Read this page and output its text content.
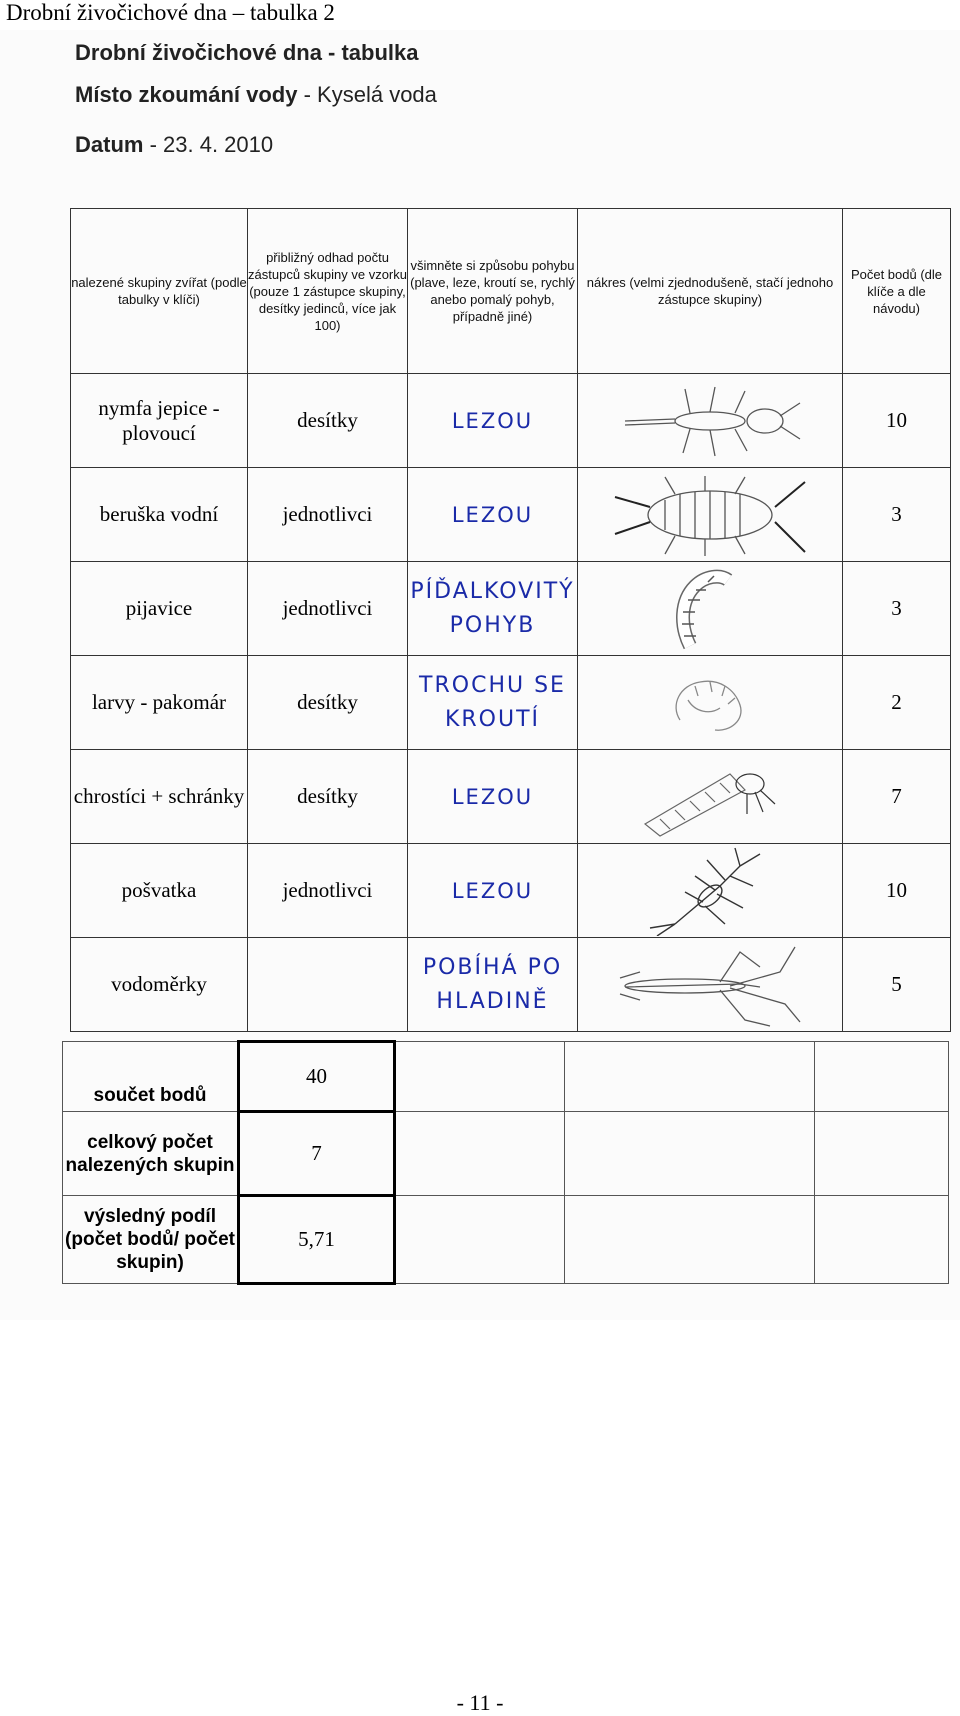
Drobní živočichové dna – tabulka 2
Drobní živočichové dna - tabulka
Místo zkoumání vody - Kyselá voda
Datum - 23. 4. 2010
nalezené skupiny zvířat (podle tabulky v klíči)	přibližný odhad počtu zástupců skupiny ve vzorku (pouze 1 zástupce skupiny, desítky jedinců, více jak 100)	všimněte si způsobu pohybu (plave, leze, kroutí se, rychlý anebo pomalý pohyb, případně jiné)	nákres (velmi zjednodušeně, stačí jednoho zástupce skupiny)	Počet bodů (dle klíče a dle návodu)
nymfa jepice - plovoucí	desítky	LEZOU		10
beruška vodní	jednotlivci	LEZOU		3
pijavice	jednotlivci	PÍĎALKOVITÝ POHYB		3
larvy - pakomár	desítky	TROCHU SE KROUTÍ		2
chrostíci + schránky	desítky	LEZOU		7
pošvatka	jednotlivci	LEZOU		10
vodoměrky		POBÍHÁ PO HLADINĚ		5
součet bodů	40			
celkový počet nalezených skupin	7			
výsledný podíl (počet bodů/ počet skupin)	5,71			
- 11 -
